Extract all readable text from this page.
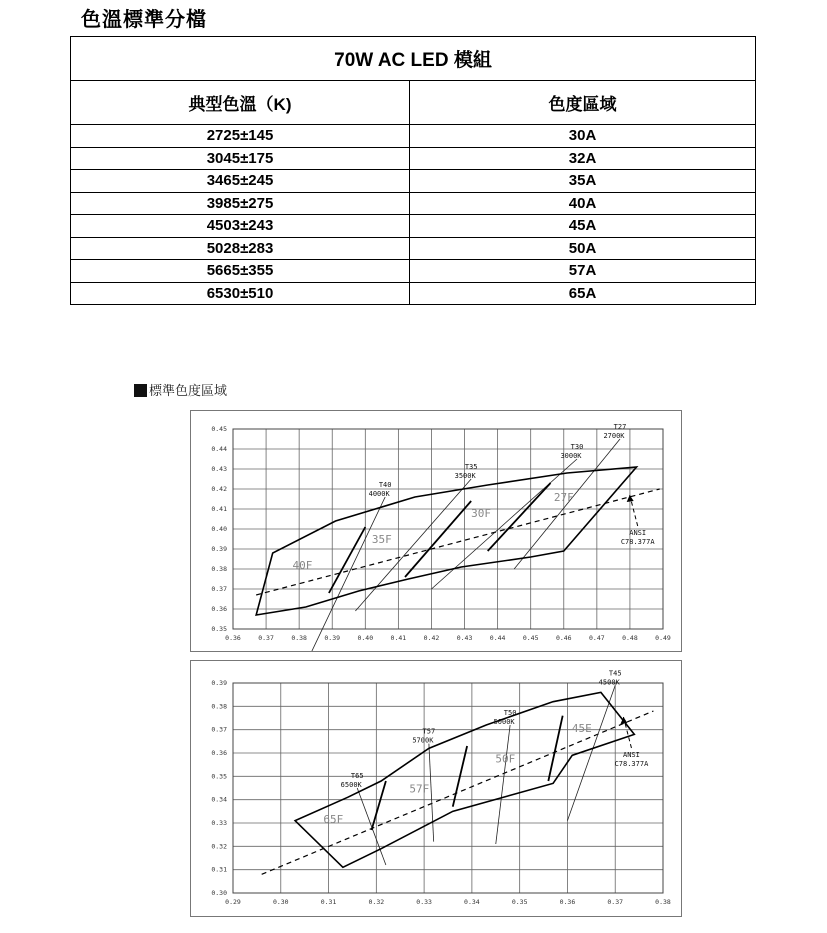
色溫標準分檔
70W AC LED 模組	
典型色溫（K)	色度區域
2725±145	30A
3045±175	32A
3465±245	35A
3985±275	40A
4503±243	45A
5028±283	50A
5665±355	57A
6530±510	65A
標準色度區域
0.36	0.37	0.38	0.39	0.40	0.41	0.42	0.43	0.44	0.45	0.46	0.47	0.48	0.49
0.35
0.36
0.37
0.38
0.39
0.40
0.41
0.42
0.43
0.44
0.45
T40
4000K
T35
3500K
T30
3000K
T27
2700K
40F
35F
30F
27F
ANSI
C78.377A
0.29	0.30	0.31	0.32	0.33	0.34	0.35	0.36	0.37	0.38
0.30
0.31
0.32
0.33
0.34
0.35
0.36
0.37
0.38
0.39
T65
6500K
T57
5700K
T50
5000K
T45
4500K
65F
57F
50F
45E
ANSI
C78.377A
